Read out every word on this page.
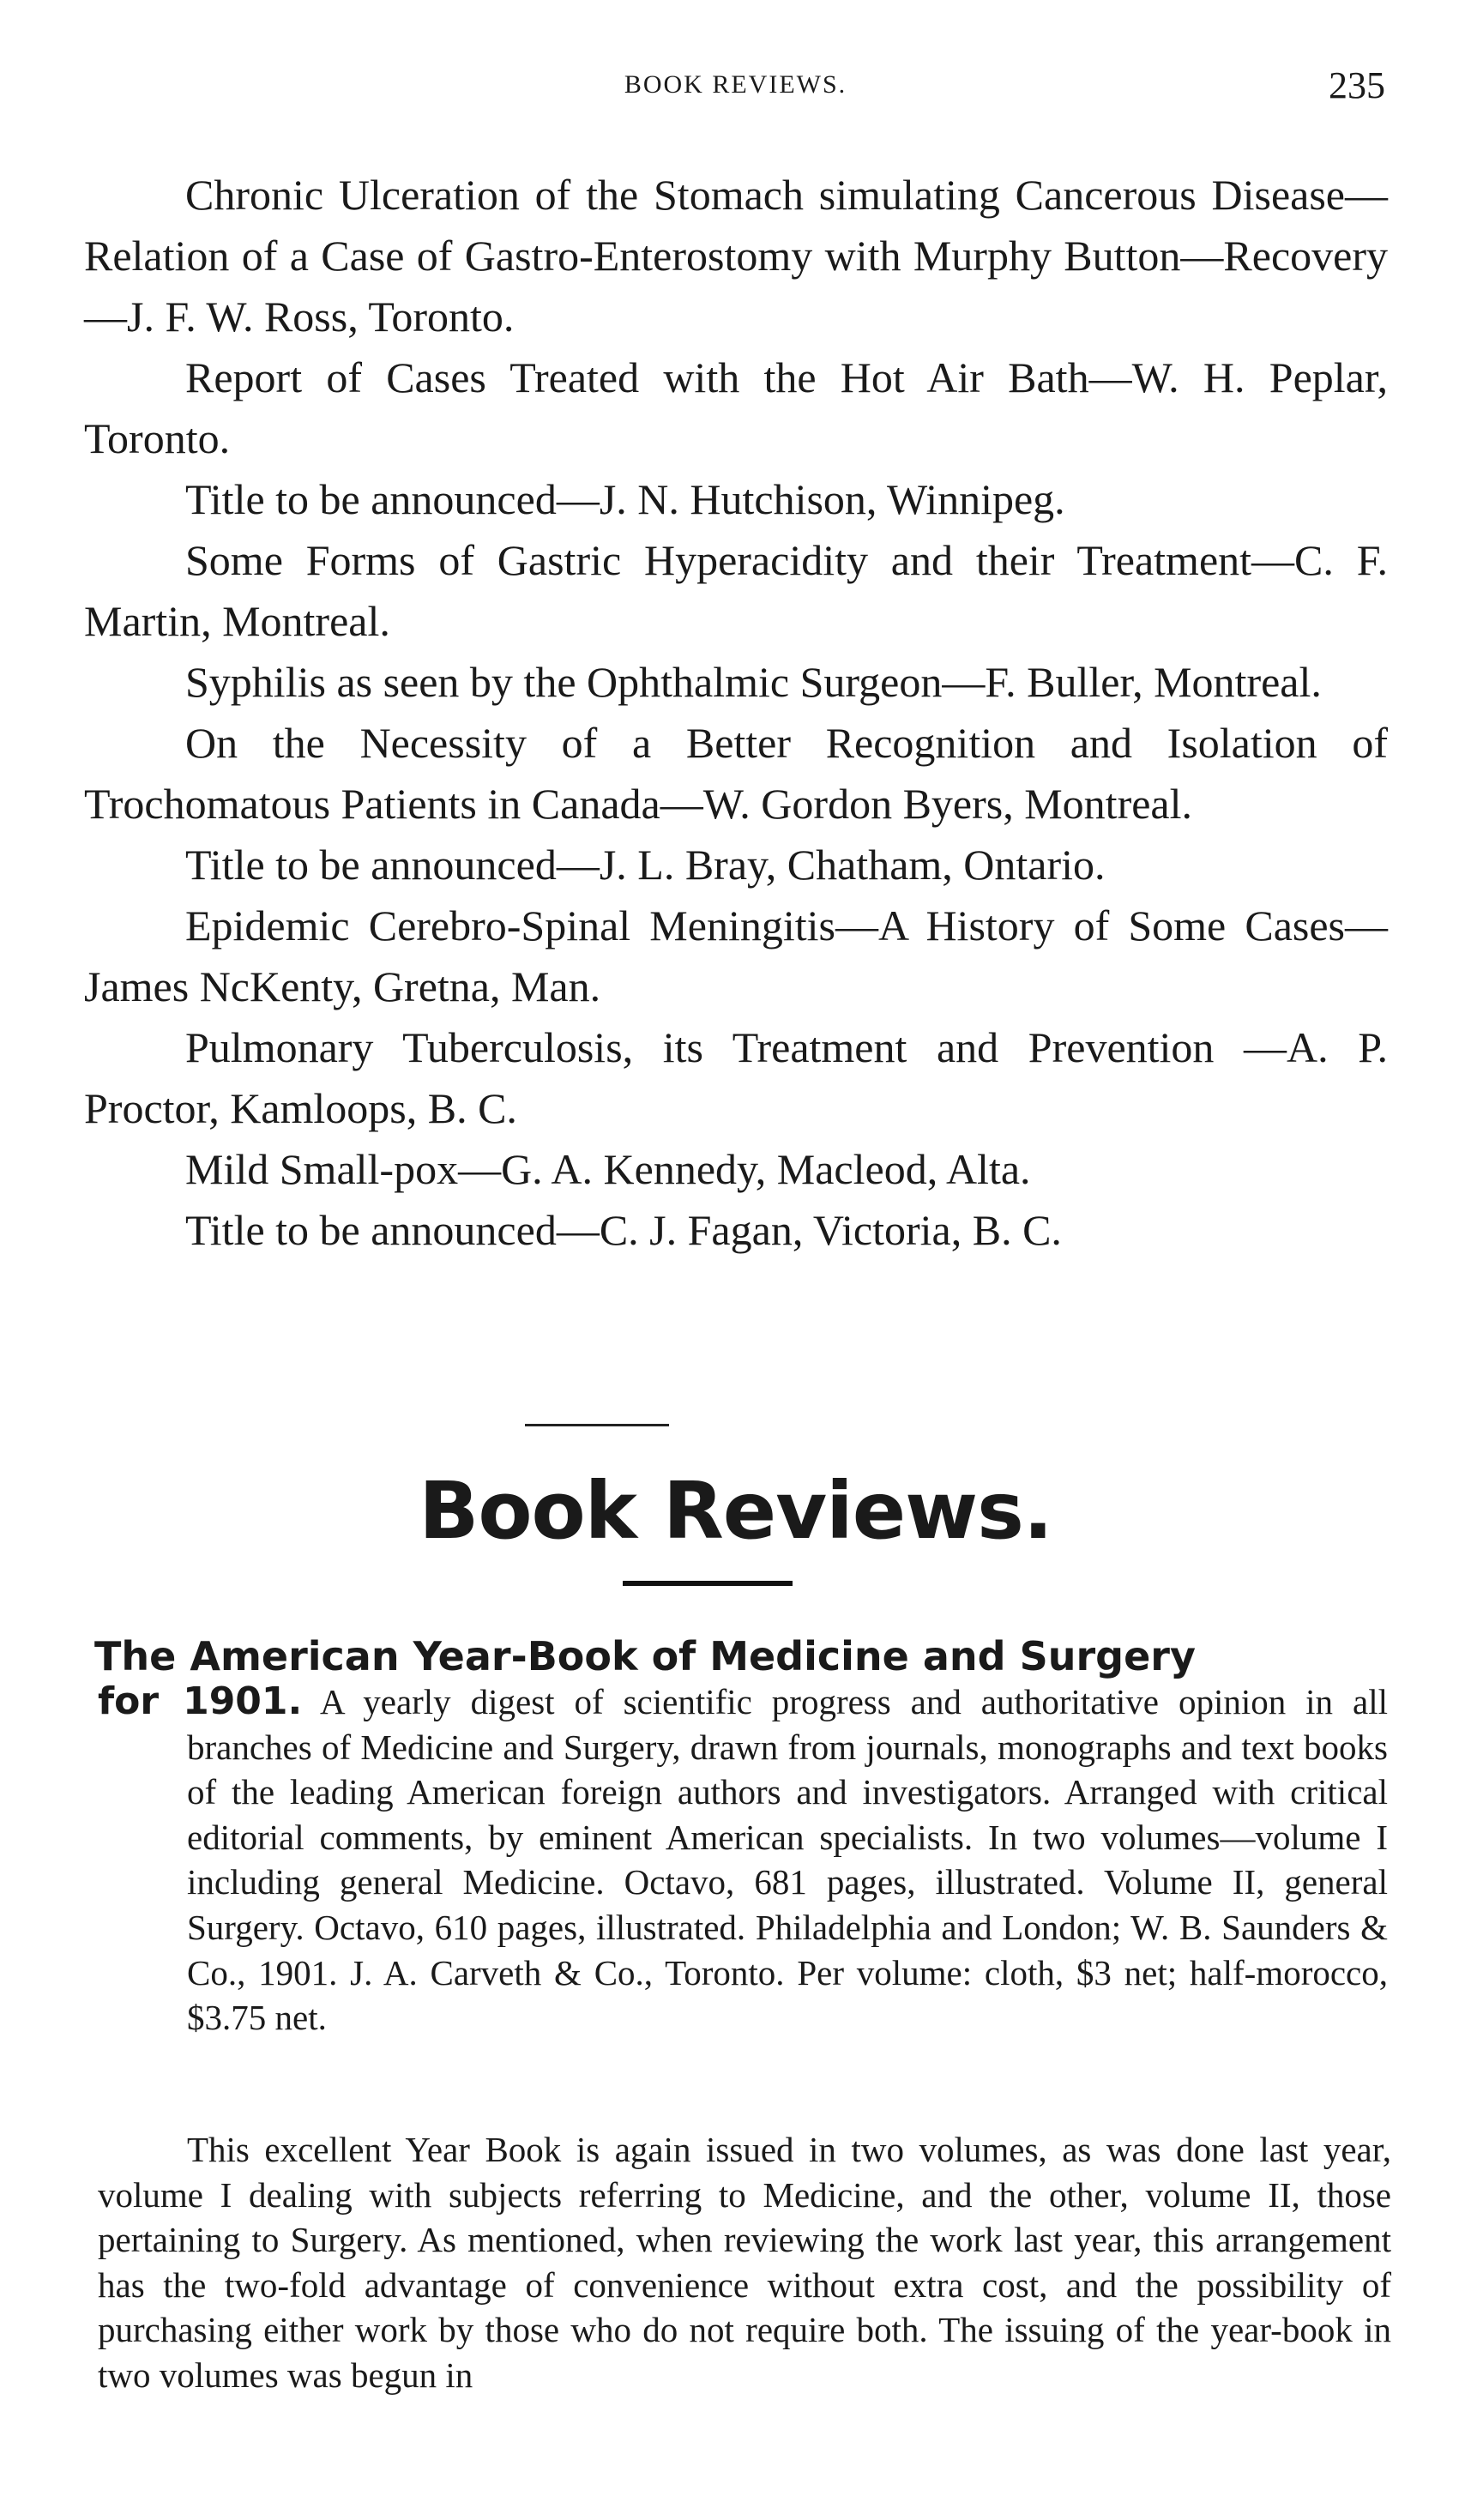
BOOK REVIEWS.	235

Chronic Ulceration of the Stomach simulating Cancerous Disease—Relation of a Case of Gastro-Enterostomy with Murphy Button—Recovery—J. F. W. Ross, Toronto.

Report of Cases Treated with the Hot Air Bath—W. H. Peplar, Toronto.

Title to be announced—J. N. Hutchison, Winnipeg.

Some Forms of Gastric Hyperacidity and their Treatment—C. F. Martin, Montreal.

Syphilis as seen by the Ophthalmic Surgeon—F. Buller, Montreal.

On the Necessity of a Better Recognition and Isolation of Trochomatous Patients in Canada—W. Gordon Byers, Montreal.

Title to be announced—J. L. Bray, Chatham, Ontario.

Epidemic Cerebro-Spinal Meningitis—A History of Some Cases—James NcKenty, Gretna, Man.

Pulmonary Tuberculosis, its Treatment and Prevention —A. P. Proctor, Kamloops, B. C.

Mild Small-pox—G. A. Kennedy, Macleod, Alta.

Title to be announced—C. J. Fagan, Victoria, B. C.

Book Reviews.
The American Year-Book of Medicine and Surgery
for 1901. A yearly digest of scientific progress and authoritative opinion in all branches of Medicine and Surgery, drawn from journals, monographs and text books of the leading American foreign authors and investigators. Arranged with critical editorial comments, by eminent American specialists. In two volumes—volume I including general Medicine. Octavo, 681 pages, illustrated. Volume II, general Surgery. Octavo, 610 pages, illustrated. Philadelphia and London; W. B. Saunders & Co., 1901. J. A. Carveth & Co., Toronto. Per volume: cloth, $3 net; half-morocco, $3.75 net.

This excellent Year Book is again issued in two volumes, as was done last year, volume I dealing with subjects referring to Medicine, and the other, volume II, those pertaining to Surgery. As mentioned, when reviewing the work last year, this arrangement has the two-fold advantage of convenience without extra cost, and the possibility of purchasing either work by those who do not require both. The issuing of the year-book in two volumes was begun in
